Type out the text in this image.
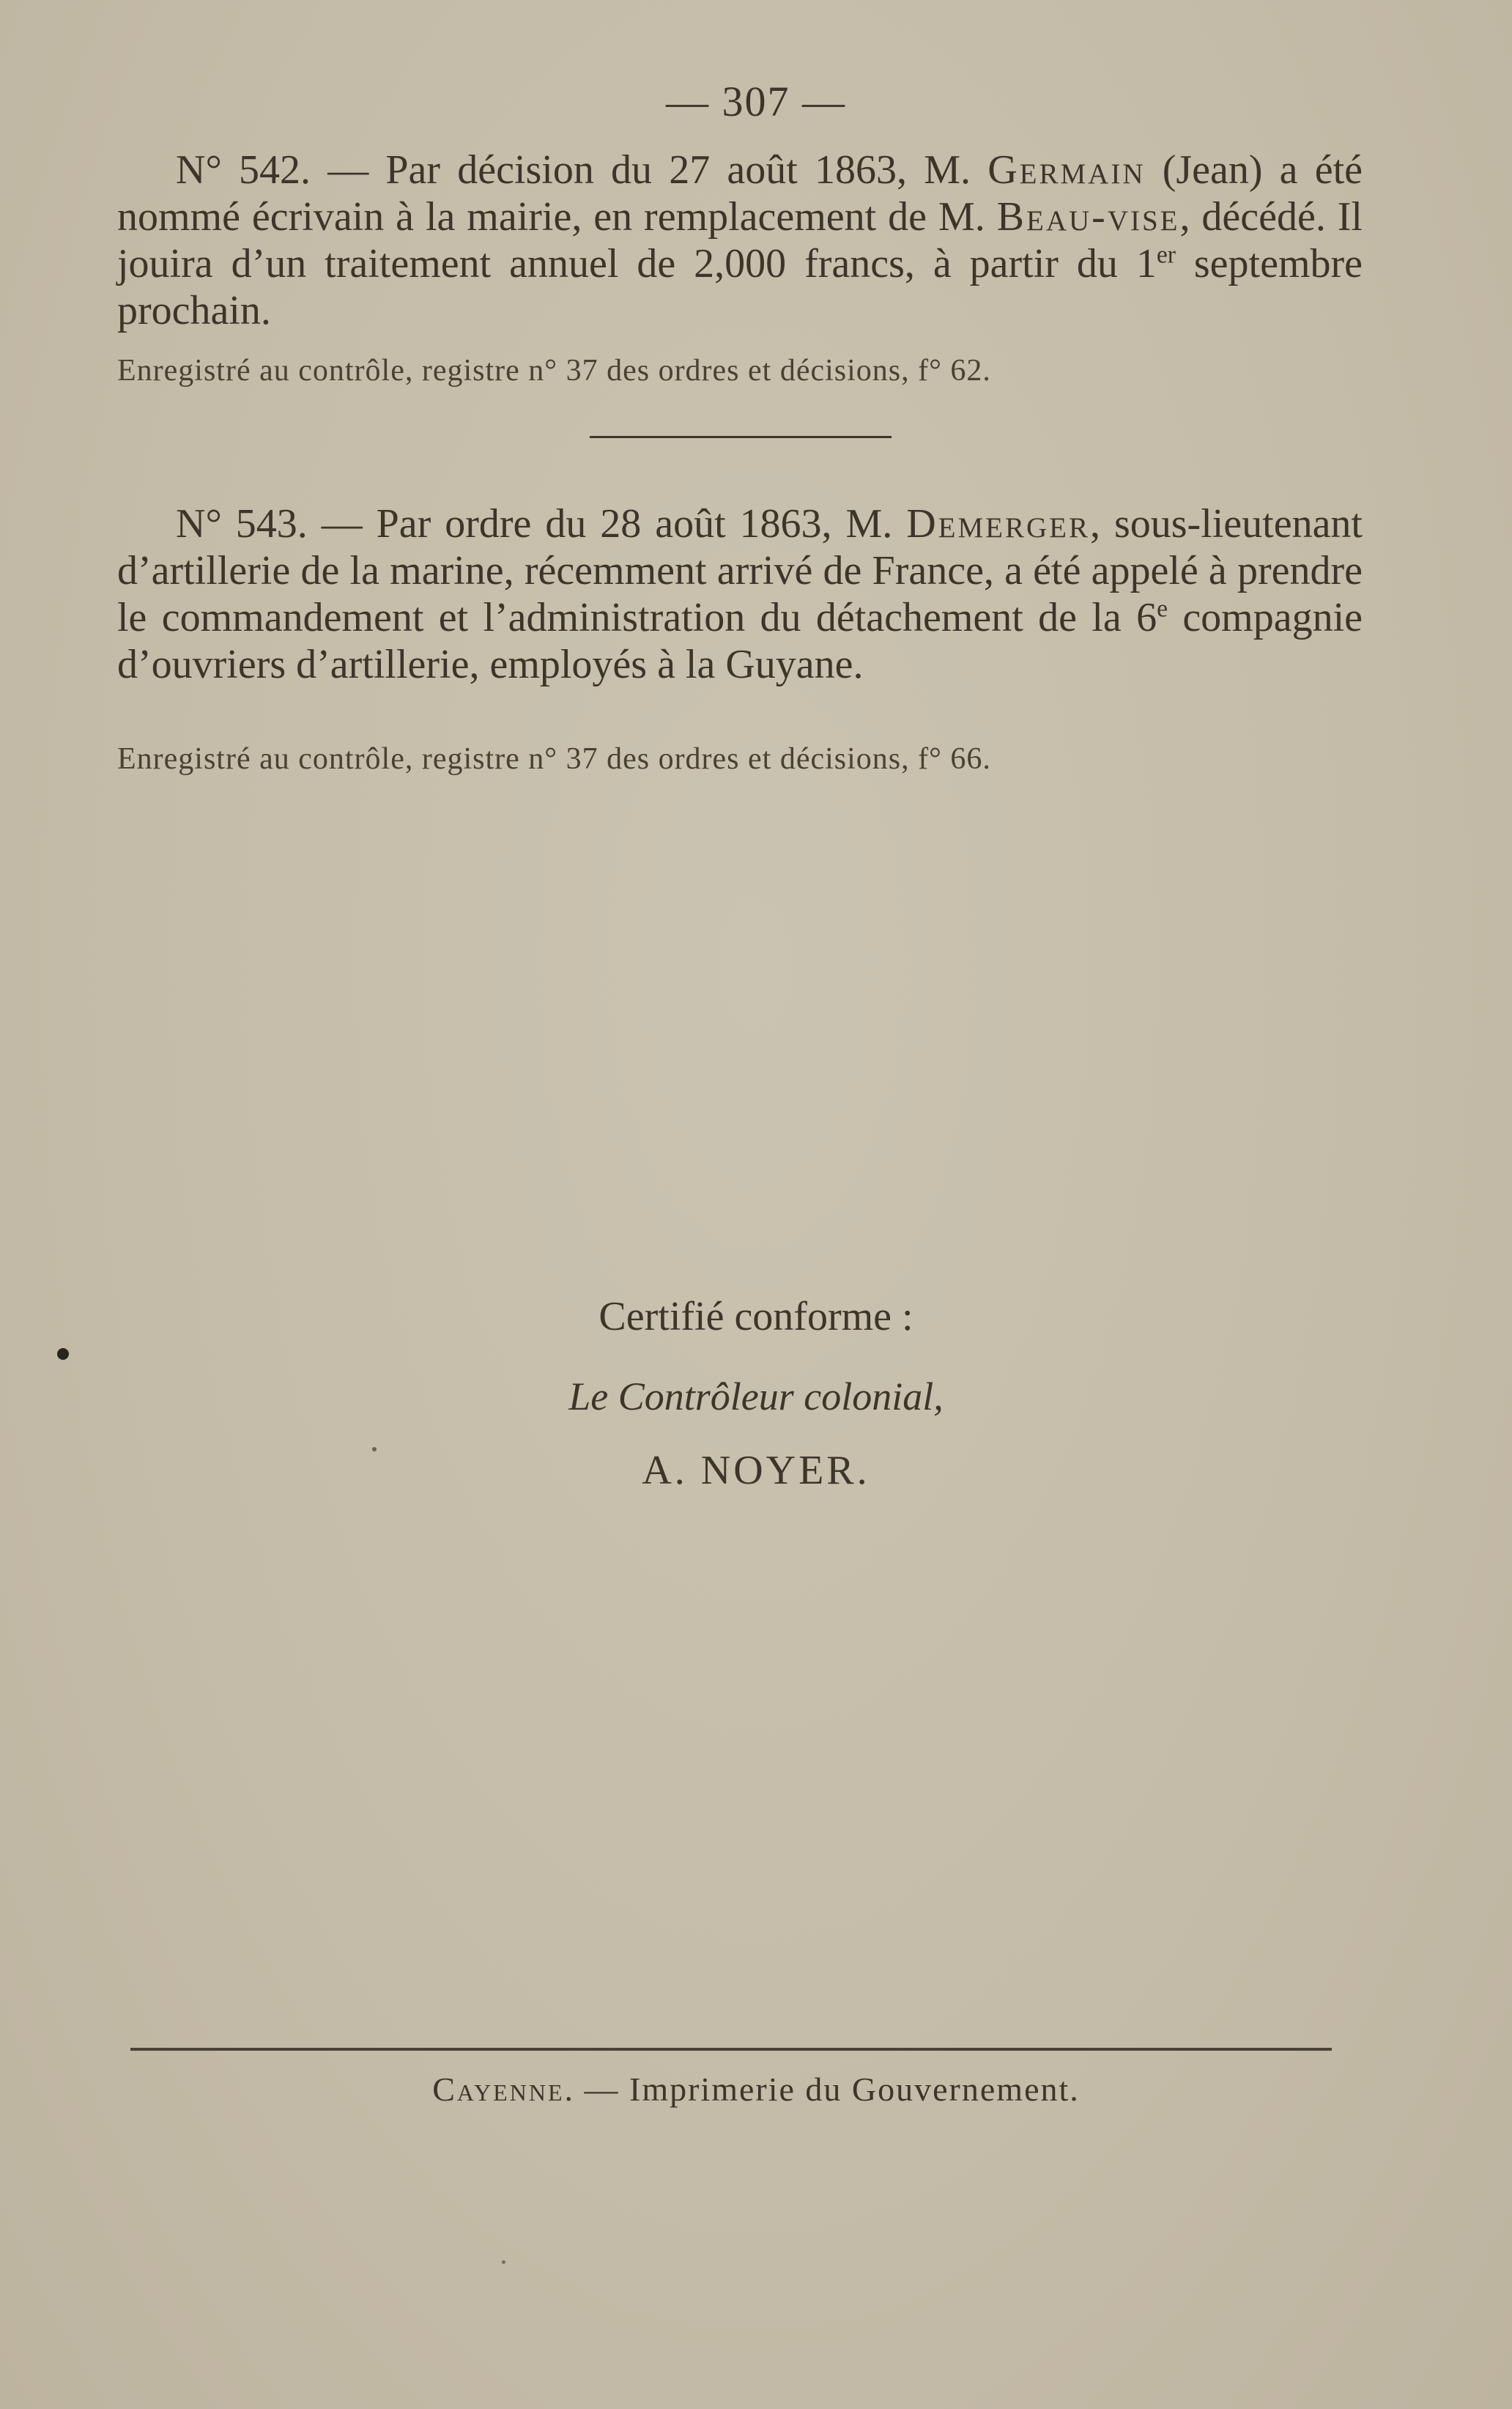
— 307 —

N° 542. — Par décision du 27 août 1863, M. Germain (Jean) a été nommé écrivain à la mairie, en remplacement de M. Beau-vise, décédé. Il jouira d’un traitement annuel de 2,000 francs, à partir du 1er septembre prochain.

Enregistré au contrôle, registre n° 37 des ordres et décisions, f° 62.

N° 543. — Par ordre du 28 août 1863, M. Demerger, sous-lieutenant d’artillerie de la marine, récemment arrivé de France, a été appelé à prendre le commandement et l’administration du détachement de la 6e compagnie d’ouvriers d’artillerie, employés à la Guyane.

Enregistré au contrôle, registre n° 37 des ordres et décisions, f° 66.
Certifié conforme :
Le Contrôleur colonial,
A. NOYER.
Cayenne. — Imprimerie du Gouvernement.
